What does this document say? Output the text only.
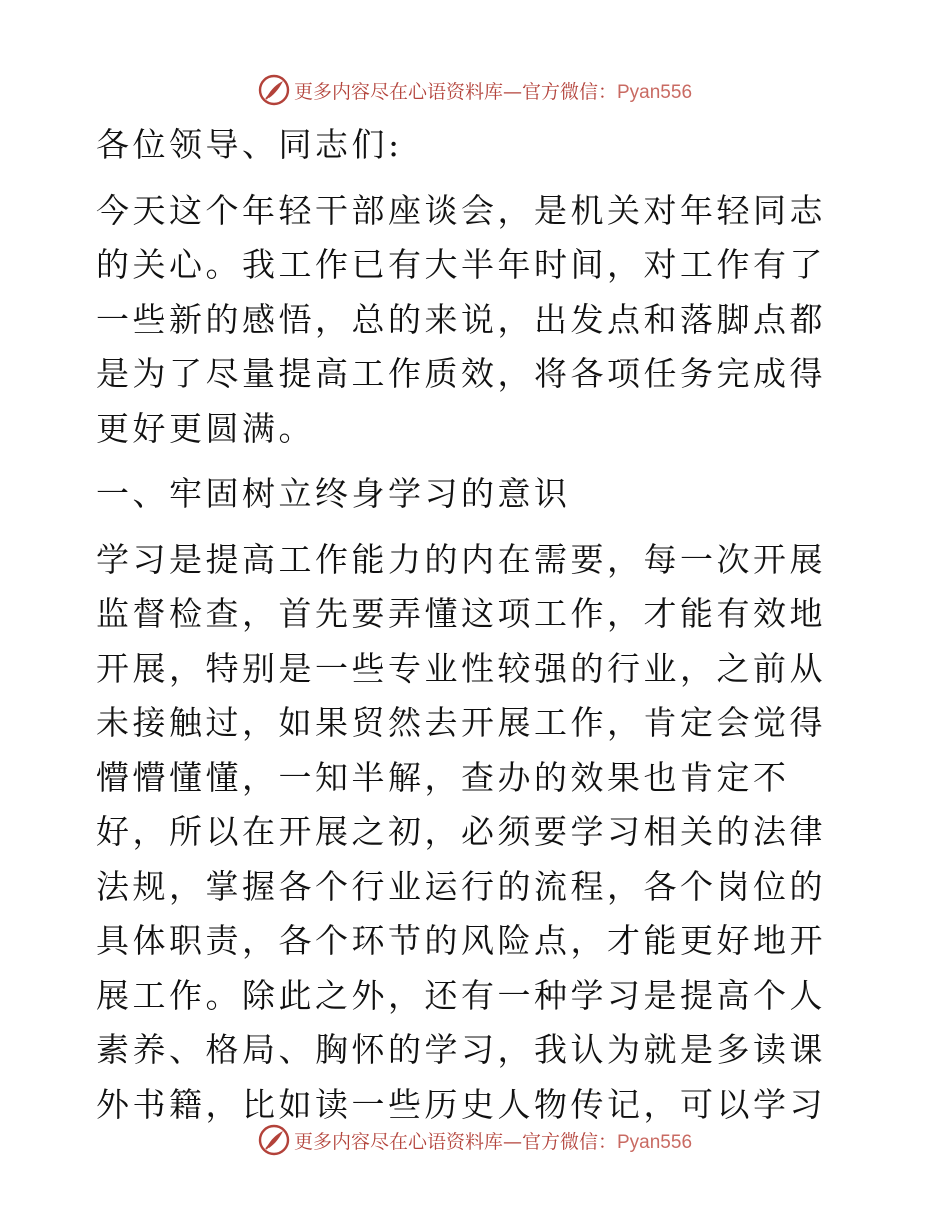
更多内容尽在心语资料库—官方微信：Pyan556

各位领导、同志们:

今天这个年轻干部座谈会，是机关对年轻同志的关心。我工作已有大半年时间，对工作有了一些新的感悟，总的来说，出发点和落脚点都是为了尽量提高工作质效，将各项任务完成得更好更圆满。

一、牢固树立终身学习的意识

学习是提高工作能力的内在需要，每一次开展监督检查，首先要弄懂这项工作，才能有效地开展，特别是一些专业性较强的行业，之前从未接触过，如果贸然去开展工作，肯定会觉得懵懵懂懂，一知半解，查办的效果也肯定不好，所以在开展之初，必须要学习相关的法律法规，掌握各个行业运行的流程，各个岗位的具体职责，各个环节的风险点，才能更好地开展工作。除此之外，还有一种学习是提高个人素养、格局、胸怀的学习，我认为就是多读课外书籍，比如读一些历史人物传记，可以学习

更多内容尽在心语资料库—官方微信：Pyan556
